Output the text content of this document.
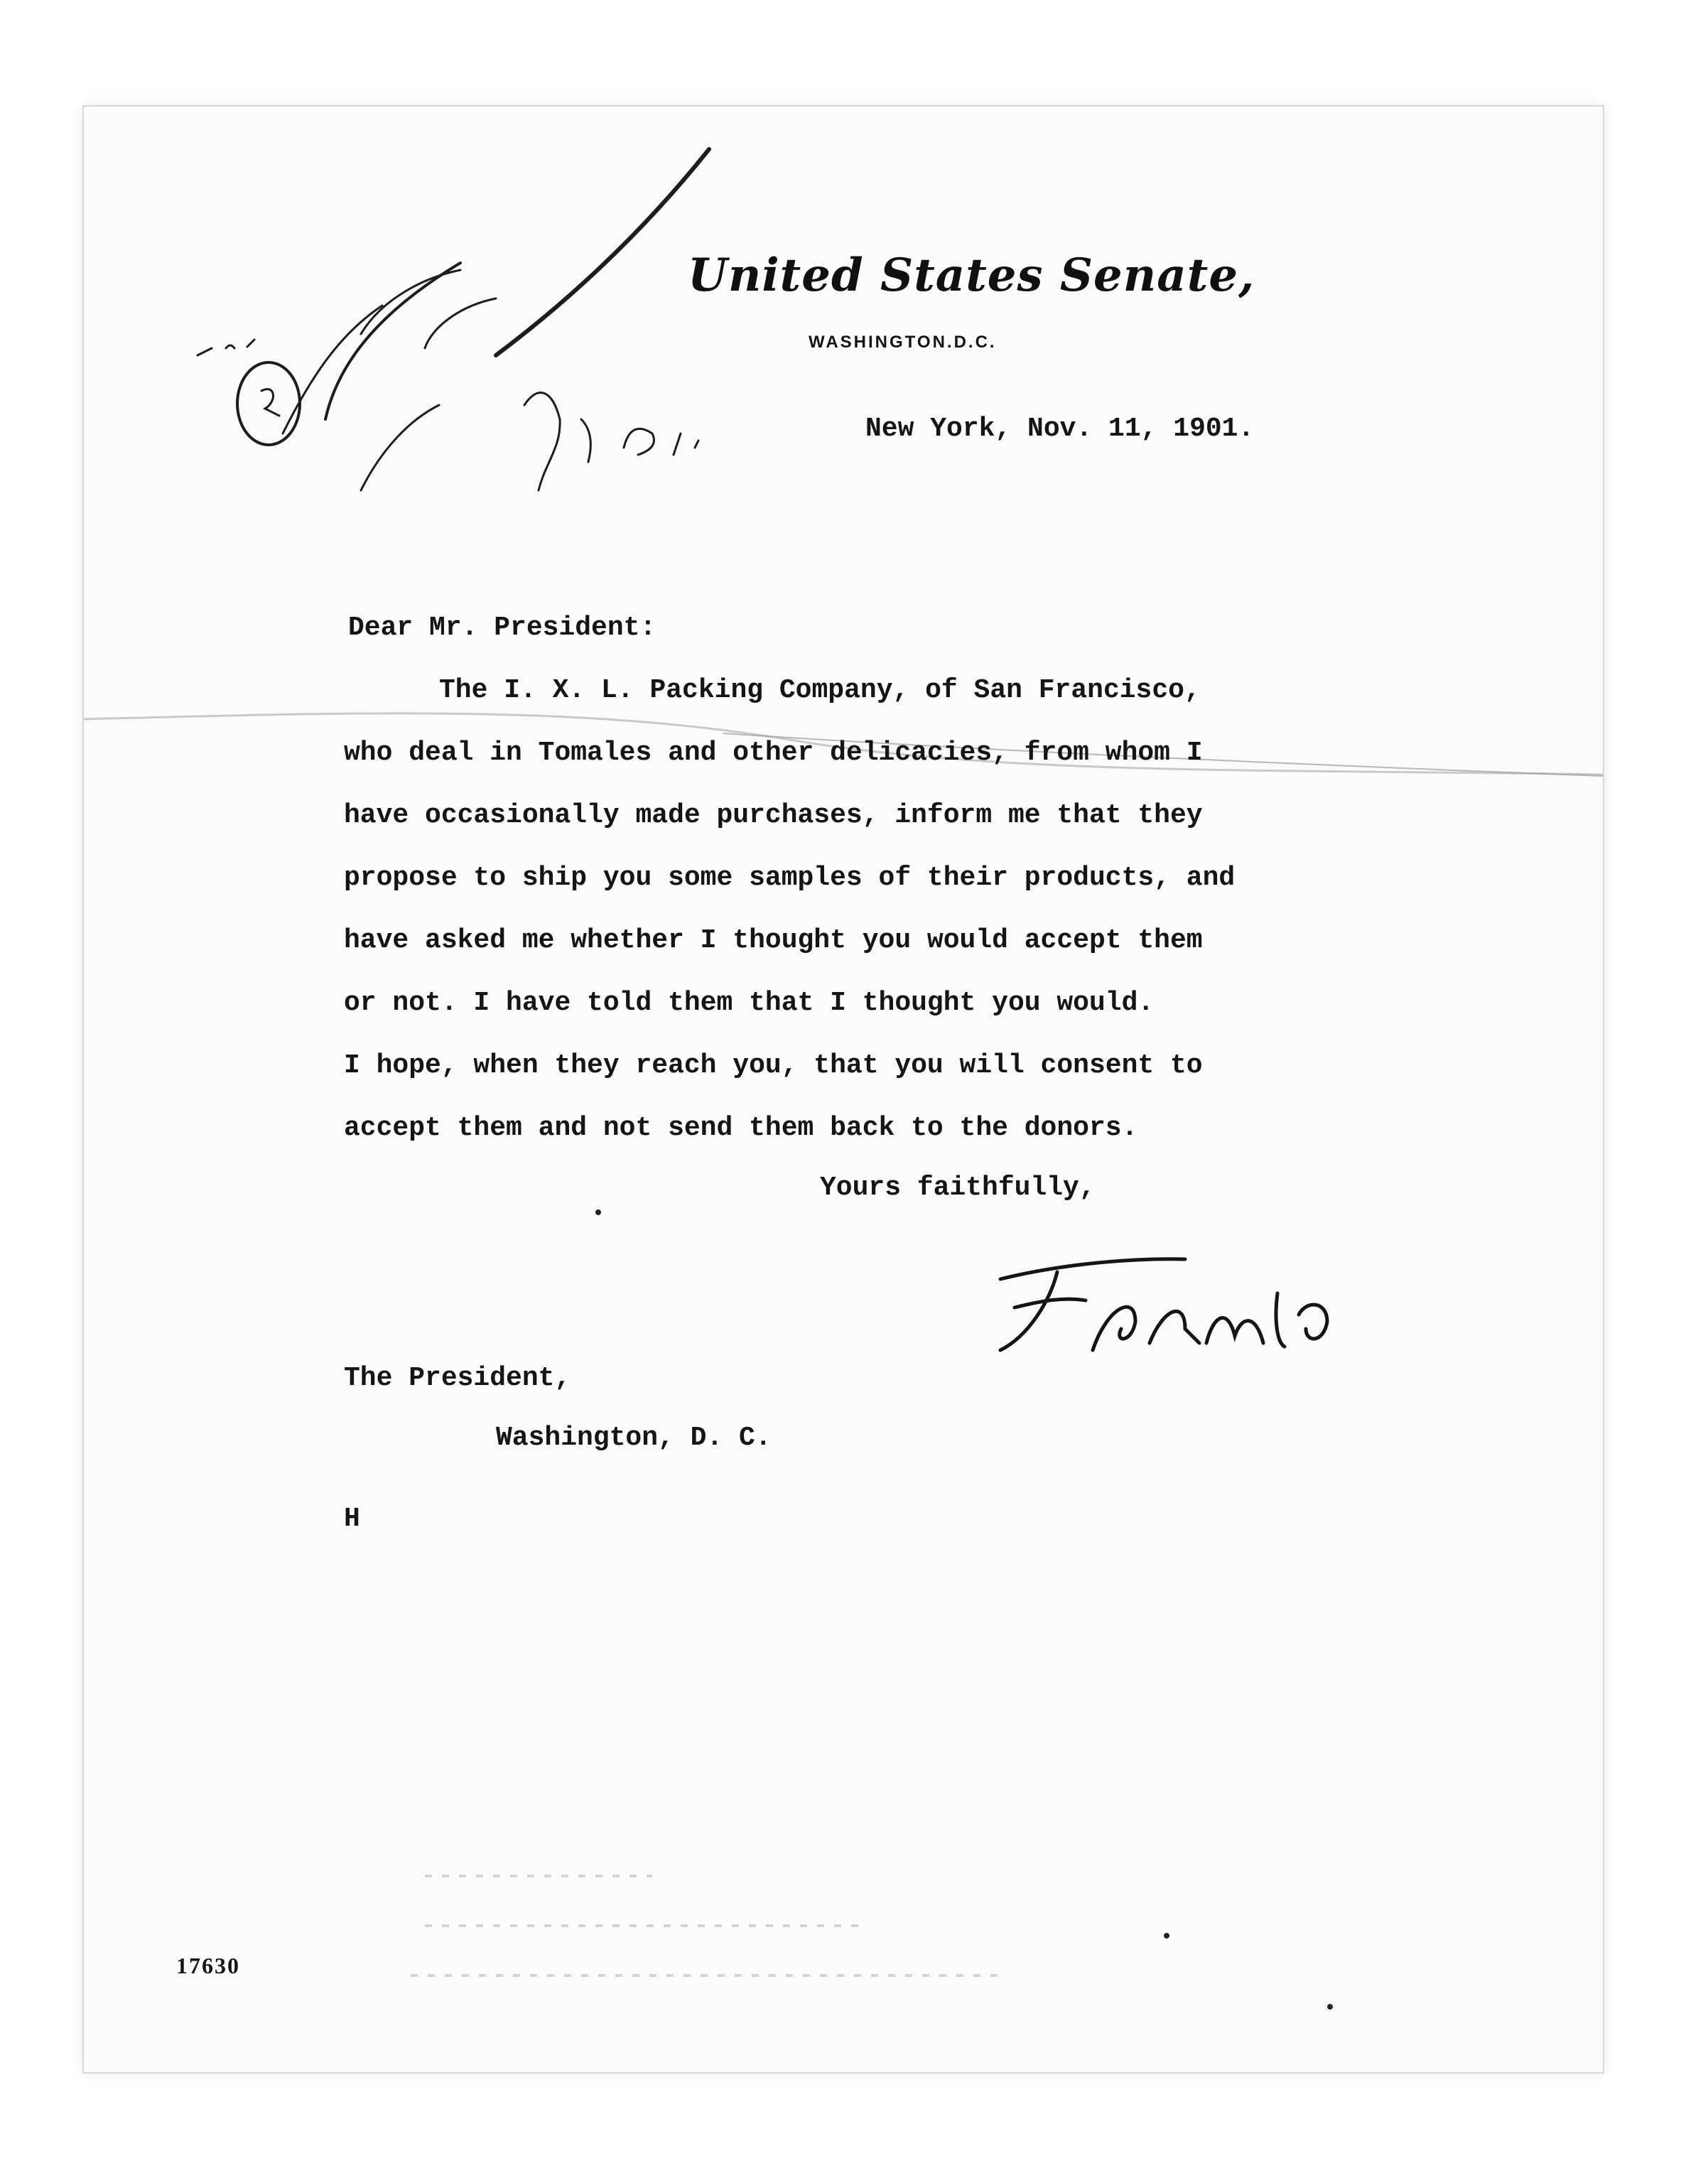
United States Senate,
WASHINGTON.D.C.
New York, Nov. 11, 1901.
Dear Mr. President:
The I. X. L. Packing Company, of San Francisco,
who deal in Tomales and other delicacies, from whom I
have occasionally made purchases, inform me that they
propose to ship you some samples of their products, and
have asked me whether I thought you would accept them
or not. I have told them that I thought you would.
I hope, when they reach you, that you will consent to
accept them and not send them back to the donors.
Yours faithfully,
The President,
Washington, D. C.
H
17630
